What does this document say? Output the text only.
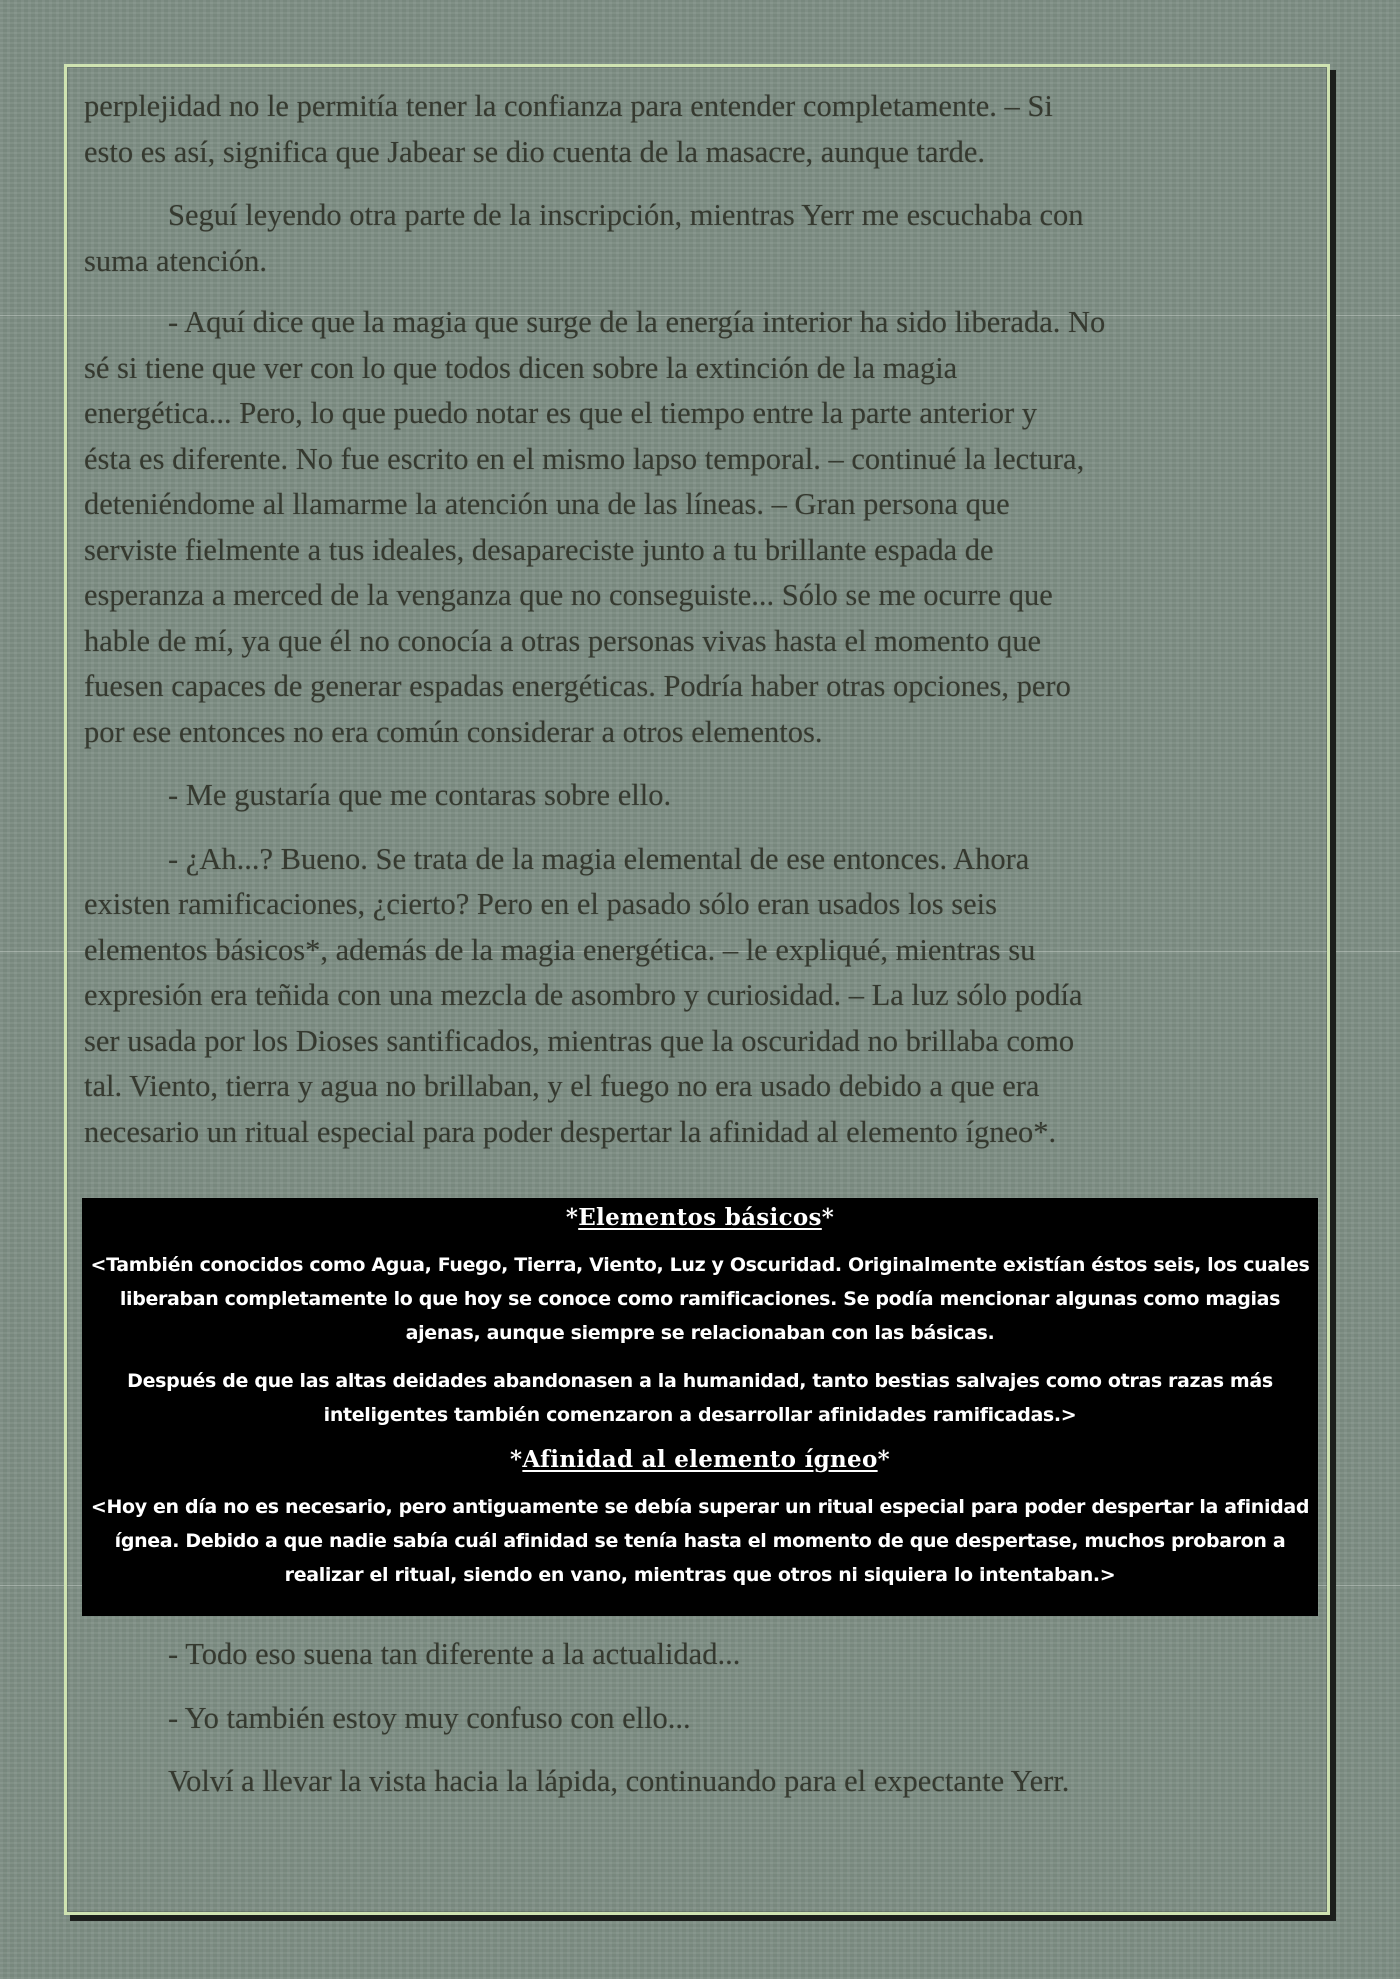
perplejidad no le permitía tener la confianza para entender completamente. – Si
esto es así, significa que Jabear se dio cuenta de la masacre, aunque tarde.

Seguí leyendo otra parte de la inscripción, mientras Yerr me escuchaba con
suma atención.

- Aquí dice que la magia que surge de la energía interior ha sido liberada. No
sé si tiene que ver con lo que todos dicen sobre la extinción de la magia
energética... Pero, lo que puedo notar es que el tiempo entre la parte anterior y
ésta es diferente. No fue escrito en el mismo lapso temporal. – continué la lectura,
deteniéndome al llamarme la atención una de las líneas. – Gran persona que
serviste fielmente a tus ideales, desapareciste junto a tu brillante espada de
esperanza a merced de la venganza que no conseguiste... Sólo se me ocurre que
hable de mí, ya que él no conocía a otras personas vivas hasta el momento que
fuesen capaces de generar espadas energéticas. Podría haber otras opciones, pero
por ese entonces no era común considerar a otros elementos.

- Me gustaría que me contaras sobre ello.

- ¿Ah...? Bueno. Se trata de la magia elemental de ese entonces. Ahora
existen ramificaciones, ¿cierto? Pero en el pasado sólo eran usados los seis
elementos básicos*, además de la magia energética. – le expliqué, mientras su
expresión era teñida con una mezcla de asombro y curiosidad. – La luz sólo podía
ser usada por los Dioses santificados, mientras que la oscuridad no brillaba como
tal. Viento, tierra y agua no brillaban, y el fuego no era usado debido a que era
necesario un ritual especial para poder despertar la afinidad al elemento ígneo*.

*Elementos básicos*

<También conocidos como Agua, Fuego, Tierra, Viento, Luz y Oscuridad. Originalmente existían éstos seis, los cuales
liberaban completamente lo que hoy se conoce como ramificaciones. Se podía mencionar algunas como magias
ajenas, aunque siempre se relacionaban con las básicas.

Después de que las altas deidades abandonasen a la humanidad, tanto bestias salvajes como otras razas más
inteligentes también comenzaron a desarrollar afinidades ramificadas.>

*Afinidad al elemento ígneo*

<Hoy en día no es necesario, pero antiguamente se debía superar un ritual especial para poder despertar la afinidad
ígnea. Debido a que nadie sabía cuál afinidad se tenía hasta el momento de que despertase, muchos probaron a
realizar el ritual, siendo en vano, mientras que otros ni siquiera lo intentaban.>

- Todo eso suena tan diferente a la actualidad...

- Yo también estoy muy confuso con ello...

Volví a llevar la vista hacia la lápida, continuando para el expectante Yerr.
